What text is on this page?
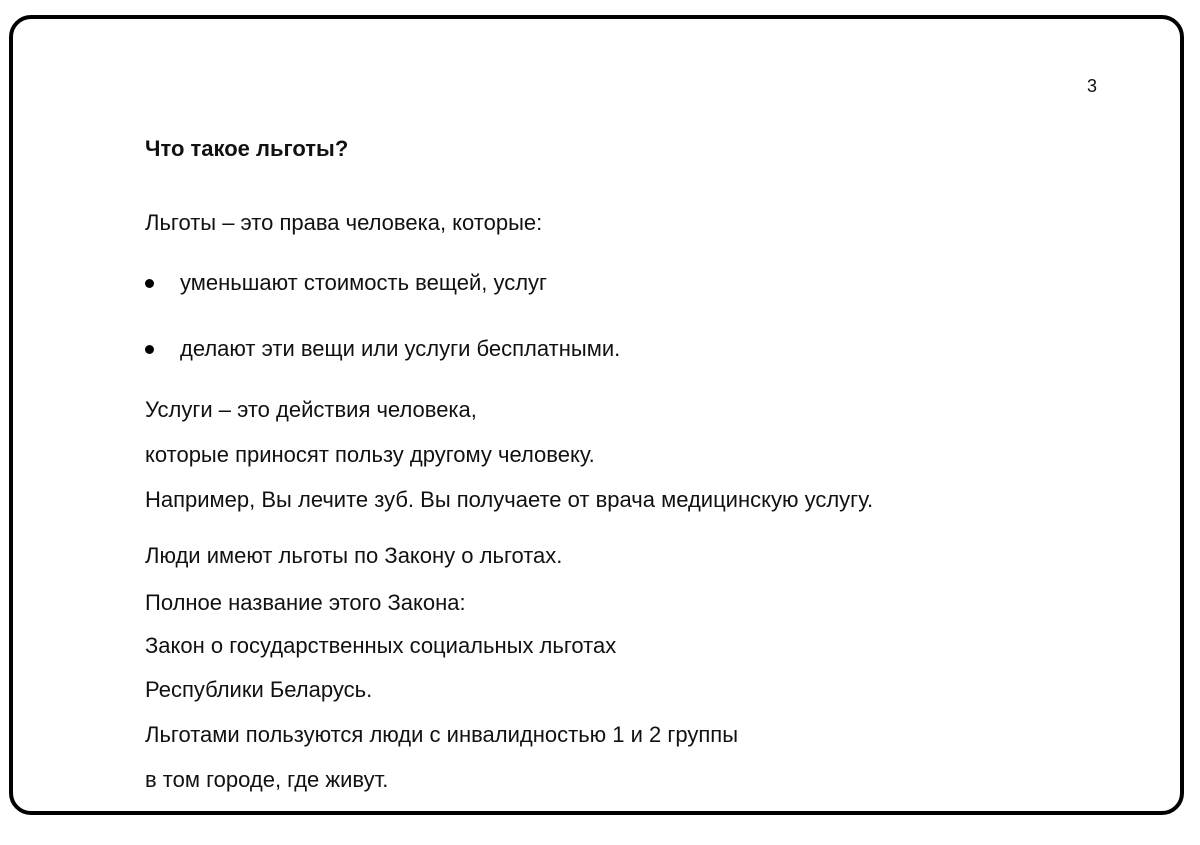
3
Что такое льготы?
Льготы – это права человека, которые:
уменьшают стоимость вещей, услуг
делают эти вещи или услуги бесплатными.
Услуги – это действия человека,
которые приносят пользу другому человеку.
Например, Вы лечите зуб. Вы получаете от врача медицинскую услугу.
Люди имеют льготы по Закону о льготах.
Полное название этого Закона:
Закон о государственных социальных льготах
Республики Беларусь.
Льготами пользуются люди с инвалидностью 1 и 2 группы
в том городе, где живут.
